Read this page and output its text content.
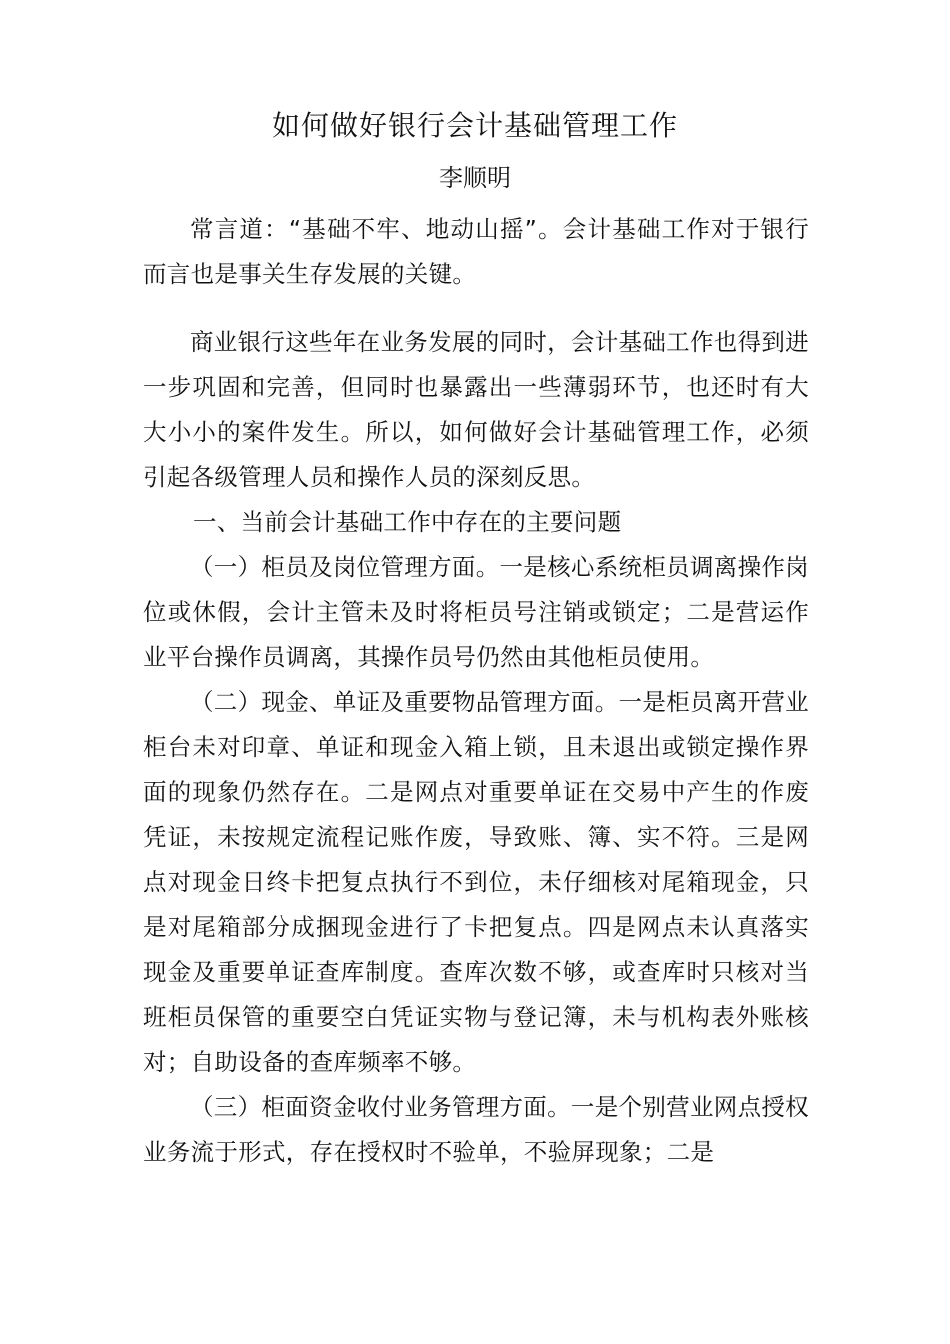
如何做好银行会计基础管理工作
李顺明

常言道：“基础不牢、地动山摇”。会计基础工作对于银行而言也是事关生存发展的关键。

商业银行这些年在业务发展的同时，会计基础工作也得到进一步巩固和完善，但同时也暴露出一些薄弱环节，也还时有大大小小的案件发生。所以，如何做好会计基础管理工作，必须引起各级管理人员和操作人员的深刻反思。

一、当前会计基础工作中存在的主要问题

（一）柜员及岗位管理方面。一是核心系统柜员调离操作岗位或休假，会计主管未及时将柜员号注销或锁定；二是营运作业平台操作员调离，其操作员号仍然由其他柜员使用。

（二）现金、单证及重要物品管理方面。一是柜员离开营业柜台未对印章、单证和现金入箱上锁，且未退出或锁定操作界面的现象仍然存在。二是网点对重要单证在交易中产生的作废凭证，未按规定流程记账作废，导致账、簿、实不符。三是网点对现金日终卡把复点执行不到位，未仔细核对尾箱现金，只是对尾箱部分成捆现金进行了卡把复点。四是网点未认真落实现金及重要单证查库制度。查库次数不够，或查库时只核对当班柜员保管的重要空白凭证实物与登记簿，未与机构表外账核对；自助设备的查库频率不够。

（三）柜面资金收付业务管理方面。一是个别营业网点授权业务流于形式，存在授权时不验单，不验屏现象；二是
